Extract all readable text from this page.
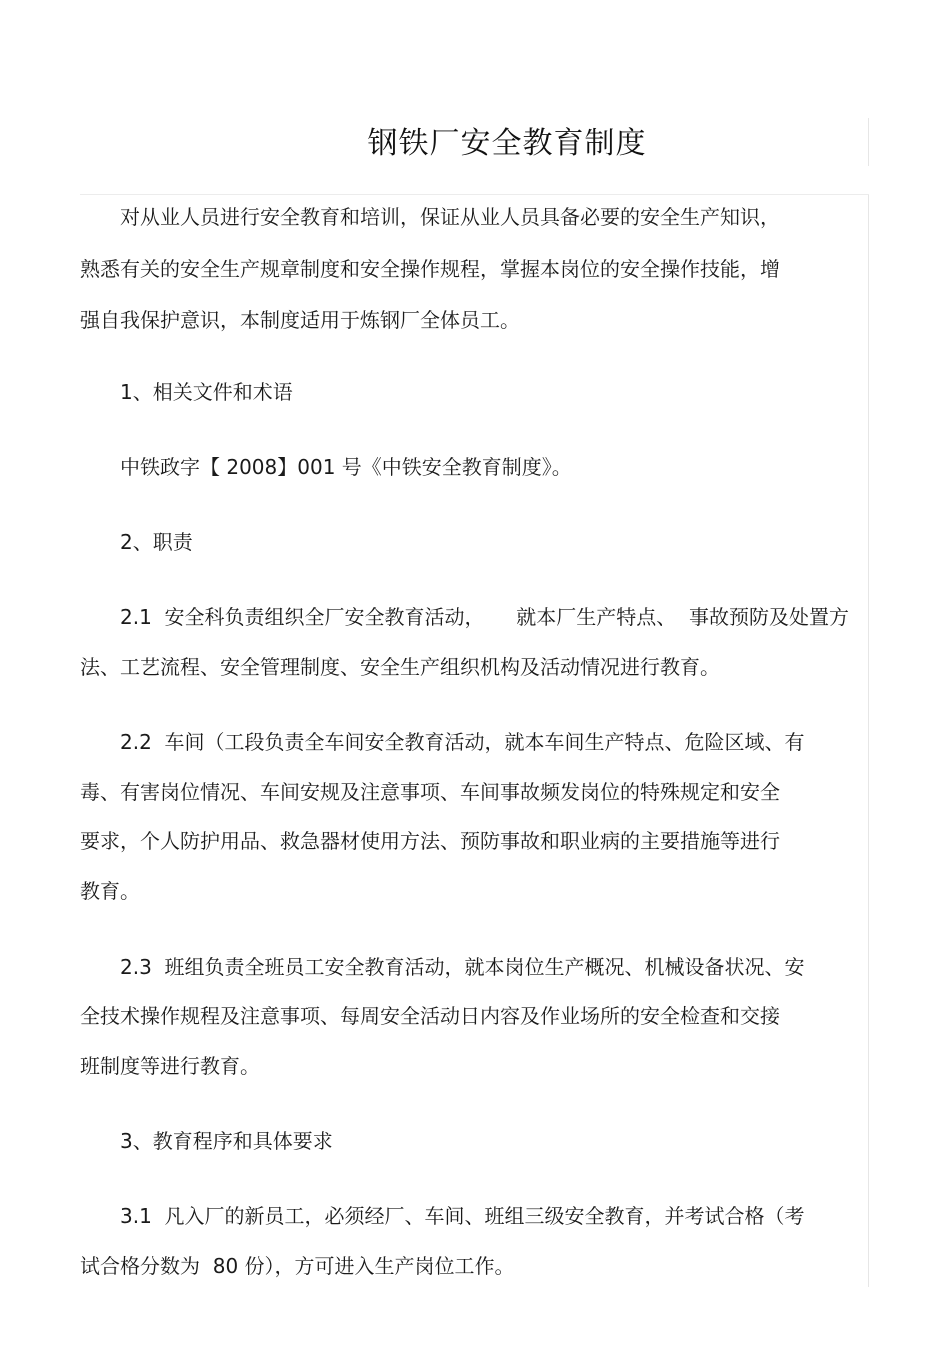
钢铁厂安全教育制度
对从业人员进行安全教育和培训，保证从业人员具备必要的安全生产知识，
熟悉有关的安全生产规章制度和安全操作规程，掌握本岗位的安全操作技能，增
强自我保护意识，本制度适用于炼钢厂全体员工。
1、相关文件和术语
中铁政字【 2008】001 号《中铁安全教育制度》。
2、职责
2.1  安全科负责组织全厂安全教育活动，     就本厂生产特点、  事故预防及处置方
法、工艺流程、安全管理制度、安全生产组织机构及活动情况进行教育。
2.2  车间（工段负责全车间安全教育活动，就本车间生产特点、危险区域、有
毒、有害岗位情况、车间安规及注意事项、车间事故频发岗位的特殊规定和安全
要求，个人防护用品、救急器材使用方法、预防事故和职业病的主要措施等进行
教育。
2.3  班组负责全班员工安全教育活动，就本岗位生产概况、机械设备状况、安
全技术操作规程及注意事项、每周安全活动日内容及作业场所的安全检查和交接
班制度等进行教育。
3、教育程序和具体要求
3.1  凡入厂的新员工，必须经厂、车间、班组三级安全教育，并考试合格（考
试合格分数为  80 份），方可进入生产岗位工作。
